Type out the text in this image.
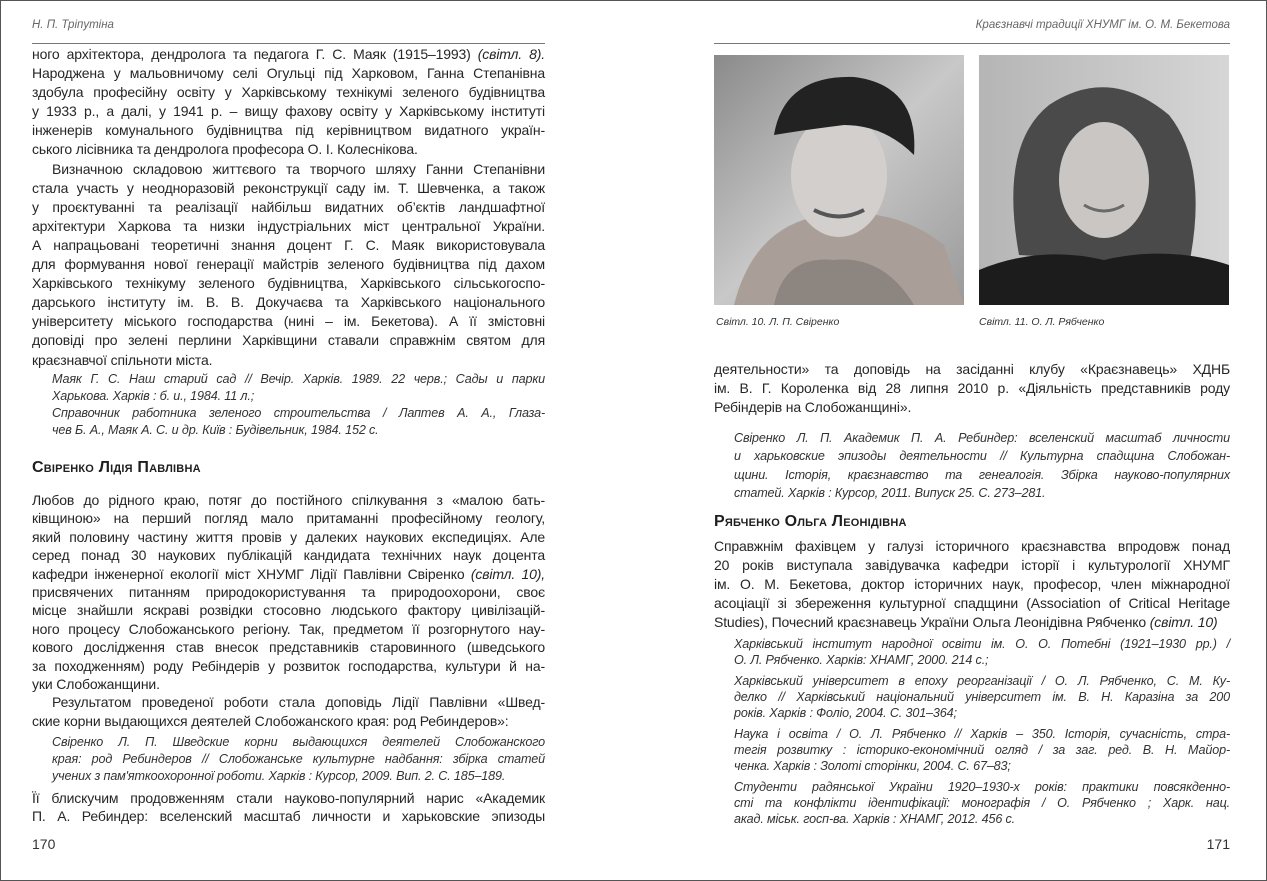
Н. П. Тріпутіна
ного архітектора, дендролога та педагога Г. С. Маяк (1915–1993) (світл. 8).
Народжена у мальовничому селі Огульці під Харковом, Ганна Степанівна
здобула професійну освіту у Харківському технікумі зеленого будівництва
у 1933 р., а далі, у 1941 р. – вищу фахову освіту у Харківському інституті
інженерів комунального будівництва під керівництвом видатного україн-
ського лісівника та дендролога професора О. І. Колеснікова.
Визначною складовою життєвого та творчого шляху Ганни Степанівни
стала участь у неодноразовій реконструкції саду ім. Т. Шевченка, а також
у проєктуванні та реалізації найбільш видатних об’єктів ландшафтної
архітектури Харкова та низки індустріальних міст центральної України.
А напрацьовані теоретичні знання доцент Г. С. Маяк використовувала
для формування нової генерації майстрів зеленого будівництва під дахом
Харківського технікуму зеленого будівництва, Харківського сільськогоспо-
дарського інституту ім. В. В. Докучаєва та Харківського національного
університету міського господарства (нині – ім. Бекетова). А її змістовні
доповіді про зелені перлини Харківщини ставали справжнім святом для
краєзнавчої спільноти міста.
Маяк Г. С. Наш старий сад // Вечір. Харків. 1989. 22 черв.; Сады и парки
Харькова. Харків : б. и., 1984. 11 л.;
Справочник работника зеленого строительства / Лаптев А. А., Глаза-
чев Б. А., Маяк А. С. и др. Київ : Будівельник, 1984. 152 с.
Свіренко Лідія Павлівна
Любов до рідного краю, потяг до постійного спілкування з «малою бать-
ківщиною» на перший погляд мало притаманні професійному геологу,
який половину частину життя провів у далеких наукових експедиціях. Але
серед понад 30 наукових публікацій кандидата технічних наук доцента
кафедри інженерної екології міст ХНУМГ Лідії Павлівни Свіренко (світл. 10),
присвячених питанням природокористування та природоохорони, своє
місце знайшли яскраві розвідки стосовно людського фактору цивілізацій-
ного процесу Слобожанського регіону. Так, предметом її розгорнутого нау-
кового дослідження став внесок представників старовинного (шведського
за походженням) роду Ребіндерів у розвиток господарства, культури й на-
уки Слобожанщини.
Результатом проведеної роботи стала доповідь Лідії Павлівни «Швед-
ские корни выдающихся деятелей Слобожанского края: род Ребиндеров»:
Свіренко Л. П. Шведские корни выдающихся деятелей Слобожанского
края: род Ребиндеров // Слобожанське культурне надбання: збірка статей
учених з пам'яткоохоронної роботи. Харків : Курсор, 2009. Вип. 2. С. 185–189.
Її блискучим продовженням стали науково-популярний нарис «Академик
П. А. Ребиндер: вселенский масштаб личности и харьковские эпизоды
170
Краєзнавчі традиції ХНУМГ ім. О. М. Бекетова
Світл. 10. Л. П. Свіренко	Світл. 11. О. Л. Рябченко
деятельности» та доповідь на засіданні клубу «Краєзнавець» ХДНБ
ім. В. Г. Короленка від 28 липня 2010 р. «Діяльність представників роду
Ребіндерів на Слобожанщині».
Свіренко Л. П. Академик П. А. Ребиндер: вселенский масштаб личности
и харьковские эпизоды деятельности // Культурна спадщина Слобожан-
щини. Історія, краєзнавство та генеалогія. Збірка науково-популярних
статей. Харків : Курсор, 2011. Випуск 25. С. 273–281.
Рябченко Ольга Леонідівна
Справжнім фахівцем у галузі історичного краєзнавства впродовж понад
20 років виступала завідувачка кафедри історії і культурології ХНУМГ
ім. О. М. Бекетова, доктор історичних наук, професор, член міжнародної
асоціації зі збереження культурної спадщини (Association of Critical Heritage
Studies), Почесний краєзнавець України Ольга Леонідівна Рябченко (світл. 10)
Харківський інститут народної освіти ім. О. О. Потебні (1921–1930 рр.) /
О. Л. Рябченко. Харків: ХНАМГ, 2000. 214 с.;
Харківський університет в епоху реорганізації / О. Л. Рябченко, С. М. Ку-
делко // Харківський національний університет ім. В. Н. Каразіна за 200
років. Харків : Фоліо, 2004. С. 301–364;
Наука і освіта / О. Л. Рябченко // Харків – 350. Історія, сучасність, стра-
тегія розвитку : історико-економічний огляд / за заг. ред. В. Н. Майор-
ченка. Харків : Золоті сторінки, 2004. С. 67–83;
Студенти радянської України 1920–1930-х років: практики повсякденно-
сті та конфлікти ідентифікації: монографія / О. Рябченко ; Харк. нац.
акад. міськ. госп-ва. Харків : ХНАМГ, 2012. 456 с.
171
